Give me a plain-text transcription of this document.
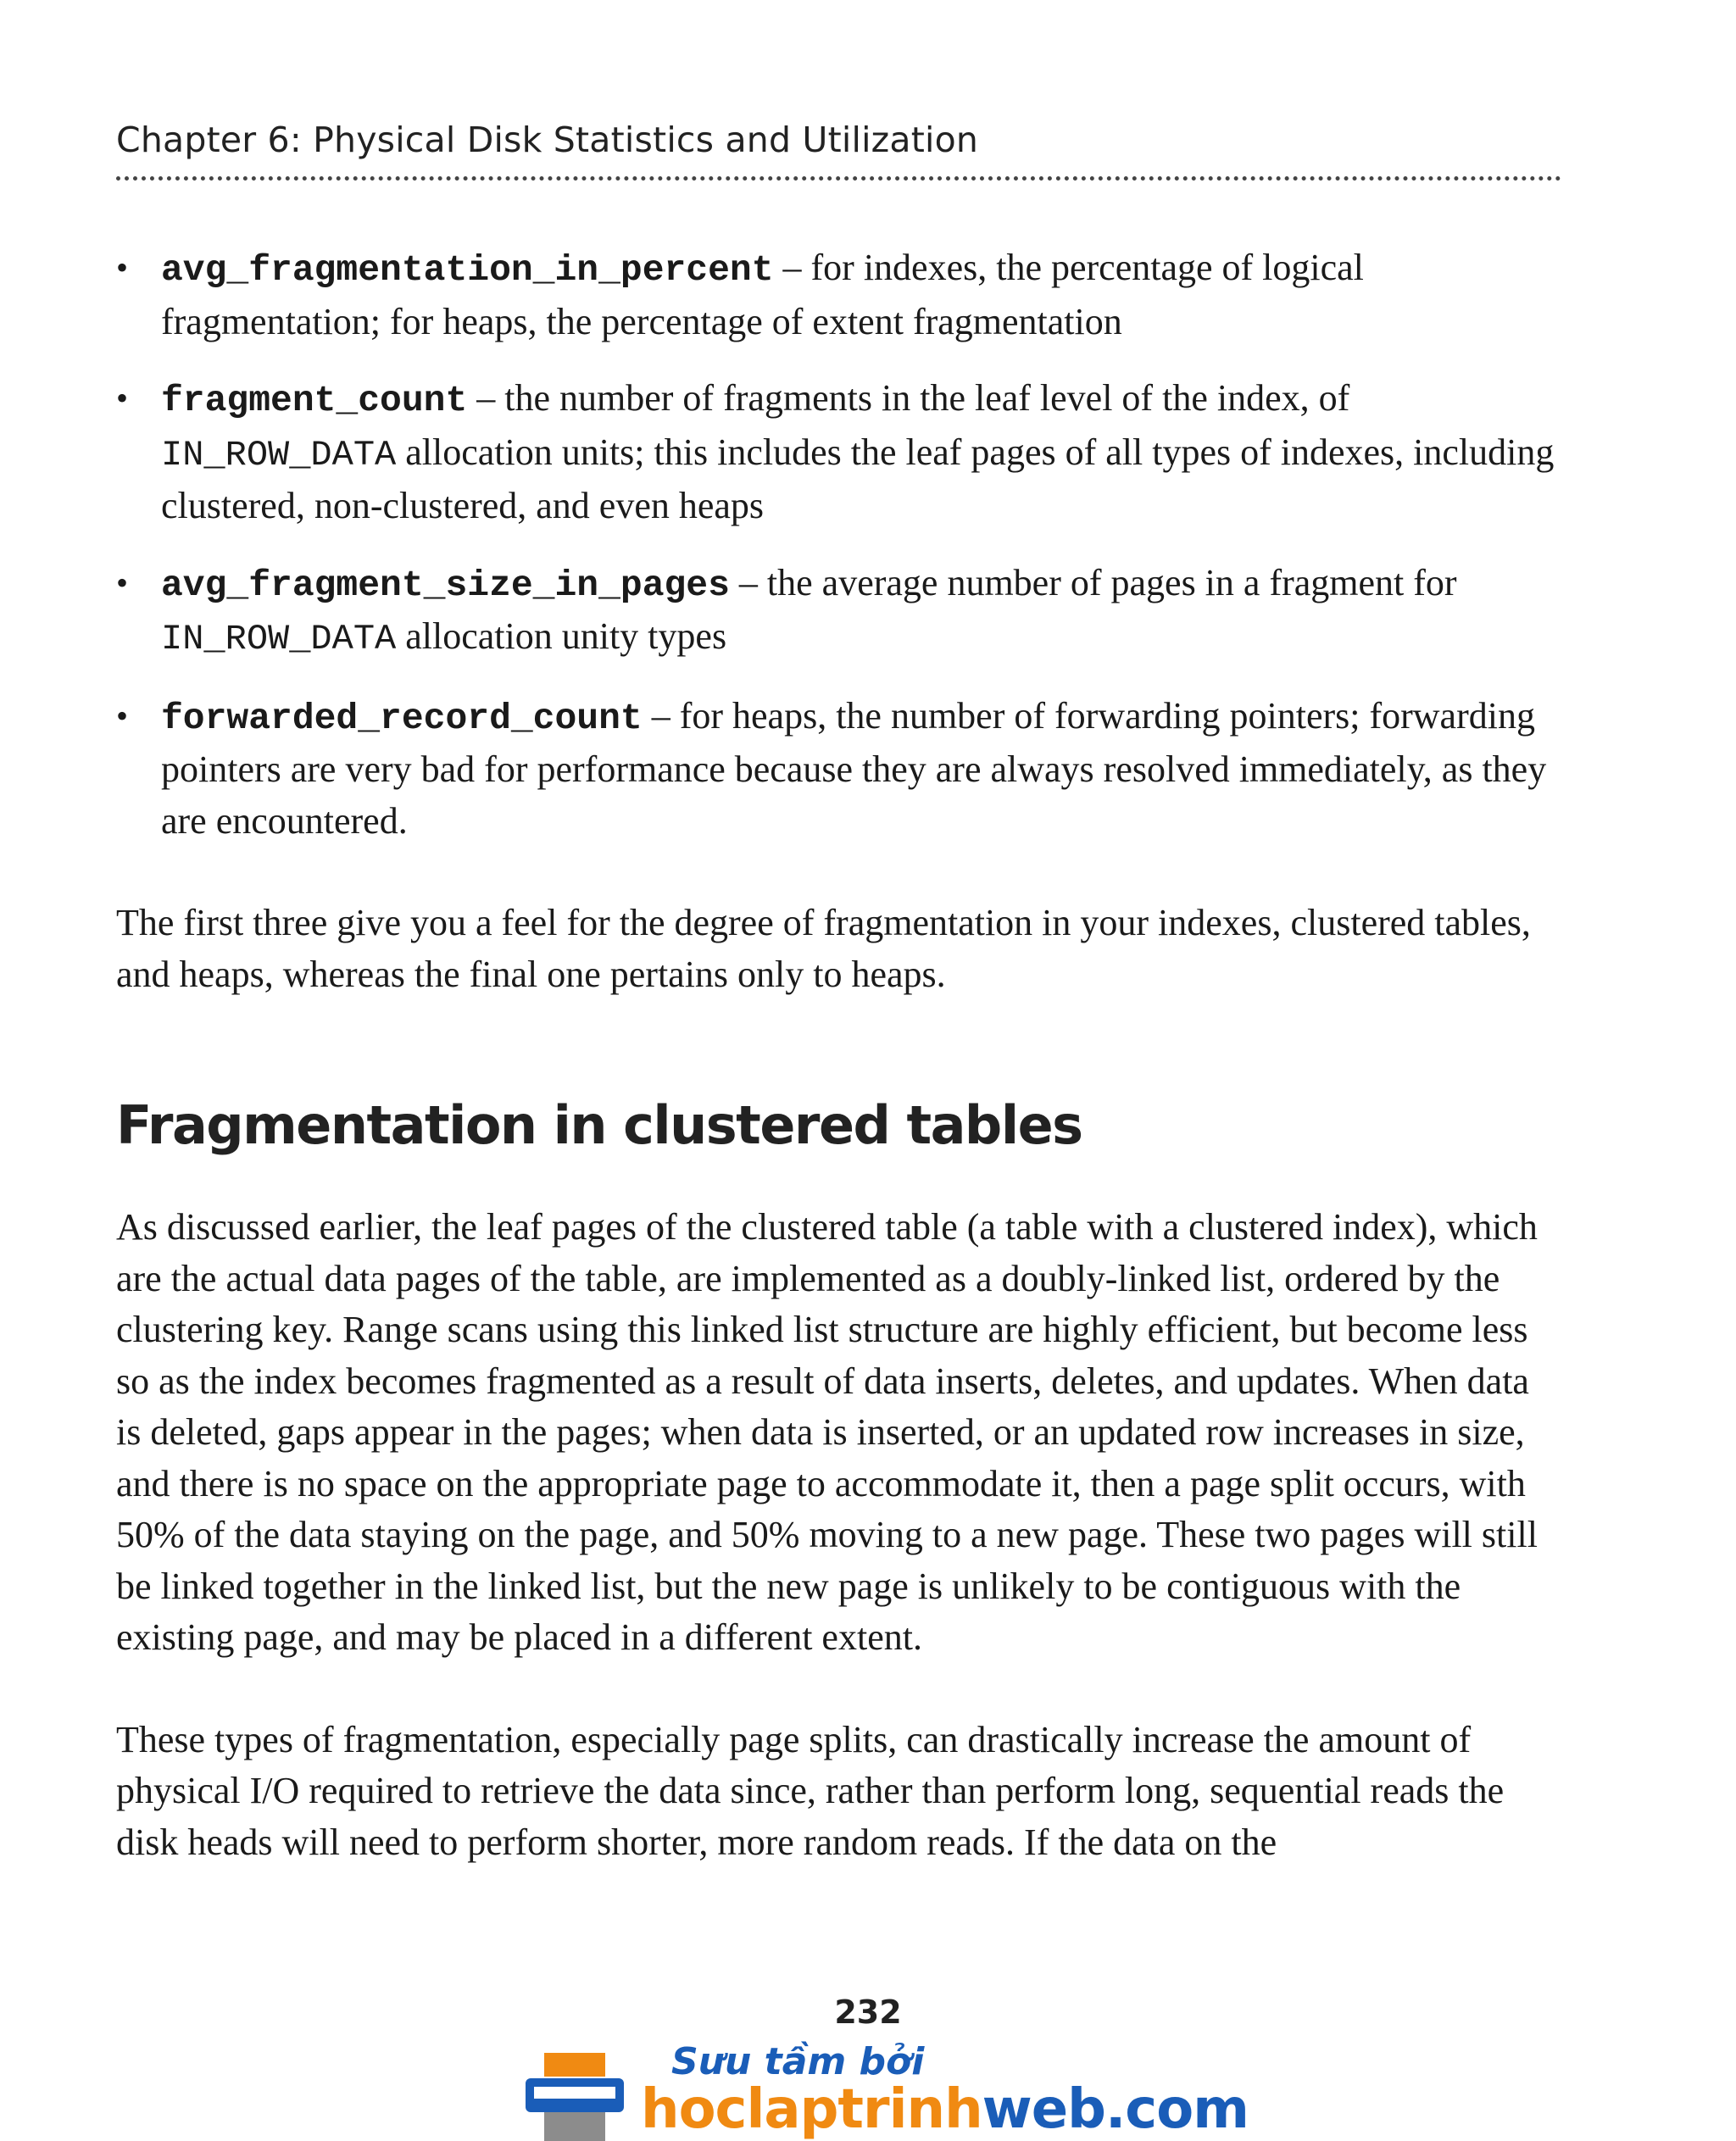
Chapter 6: Physical Disk Statistics and Utilization
• avg_fragmentation_in_percent – for indexes, the percentage of logical fragmentation; for heaps, the percentage of extent fragmentation
• fragment_count – the number of fragments in the leaf level of the index, of IN_ROW_DATA allocation units; this includes the leaf pages of all types of indexes, including clustered, non-clustered, and even heaps
• avg_fragment_size_in_pages – the average number of pages in a fragment for IN_ROW_DATA allocation unity types
• forwarded_record_count – for heaps, the number of forwarding pointers; forwarding pointers are very bad for performance because they are always resolved immediately, as they are encountered.

The first three give you a feel for the degree of fragmentation in your indexes, clustered tables, and heaps, whereas the final one pertains only to heaps.

Fragmentation in clustered tables

As discussed earlier, the leaf pages of the clustered table (a table with a clustered index), which are the actual data pages of the table, are implemented as a doubly-linked list, ordered by the clustering key. Range scans using this linked list structure are highly efficient, but become less so as the index becomes fragmented as a result of data inserts, deletes, and updates. When data is deleted, gaps appear in the pages; when data is inserted, or an updated row increases in size, and there is no space on the appropriate page to accommodate it, then a page split occurs, with 50% of the data staying on the page, and 50% moving to a new page. These two pages will still be linked together in the linked list, but the new page is unlikely to be contiguous with the existing page, and may be placed in a different extent.

These types of fragmentation, especially page splits, can drastically increase the amount of physical I/O required to retrieve the data since, rather than perform long, sequential reads the disk heads will need to perform shorter, more random reads. If the data on the

232
Sưu tầm bởi
hoclaptrinhweb.com
